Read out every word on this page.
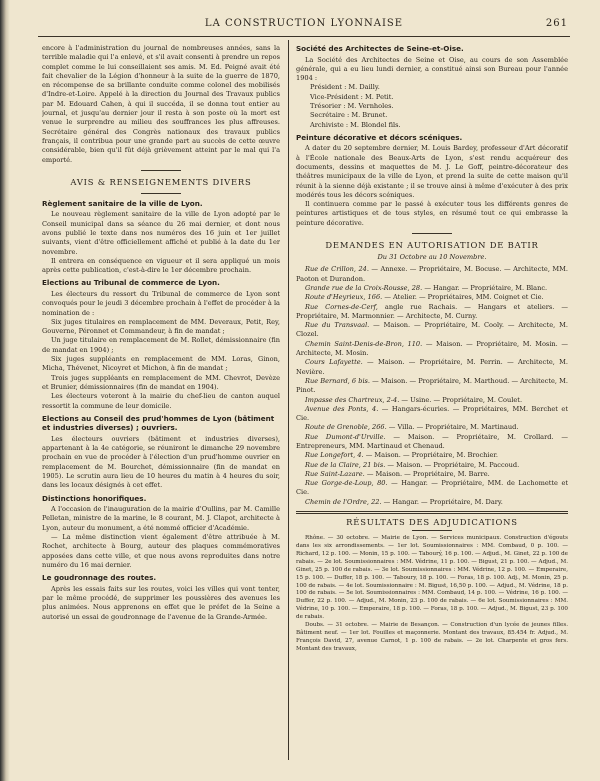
LA CONSTRUCTION LYONNAISE	261

encore à l'administration du journal de nombreuses années, sans la terrible maladie qui l'a enlevé, et s'il avait consenti à prendre un repos complet comme le lui conseillaient ses amis. M. Ed. Peigné avait été fait chevalier de la Légion d'honneur à la suite de la guerre de 1870, en récompense de sa brillante conduite comme colonel des mobilisés d'Indre-et-Loire. Appelé à la direction du Journal des Travaux publics par M. Edouard Cahen, à qui il succéda, il se donna tout entier au journal, et jusqu'au dernier jour il resta à son poste où la mort est venue le surprendre au milieu des souffrances les plus affreuses. Secrétaire général des Congrès nationaux des travaux publics français, il contribua pour une grande part au succès de cette œuvre considérable, bien qu'il fût déjà grièvement atteint par le mal qui l'a emporté.

AVIS & RENSEIGNEMENTS DIVERS
Règlement sanitaire de la ville de Lyon.

Le nouveau règlement sanitaire de la ville de Lyon adopté par le Conseil municipal dans sa séance du 26 mai dernier, et dont nous avons publié le texte dans nos numéros des 16 juin et 1er juillet suivants, vient d'être officiellement affiché et publié à la date du 1er novembre.

Il entrera en conséquence en vigueur et il sera appliqué un mois après cette publication, c'est-à-dire le 1er décembre prochain.

Elections au Tribunal de commerce de Lyon.

Les électeurs du ressort du Tribunal de commerce de Lyon sont convoqués pour le jeudi 3 décembre prochain à l'effet de procéder à la nomination de :

Six juges titulaires en remplacement de MM. Deveraux, Petit, Rey, Gouverne, Péronnet et Commandeur, à fin de mandat ;

Un juge titulaire en remplacement de M. Rollet, démissionnaire (fin de mandat en 1904) ;

Six juges suppléants en remplacement de MM. Loras, Ginon, Micha, Thévenet, Nicoyret et Michon, à fin de mandat ;

Trois juges suppléants en remplacement de MM. Chevrot, Devèze et Brunier, démissionnaires (fin de mandat en 1904).

Les électeurs voteront à la mairie du chef-lieu de canton auquel ressortit la commune de leur domicile.

Elections au Conseil des prud'hommes de Lyon (bâtiment et industries diverses) ; ouvriers.

Les électeurs ouvriers (bâtiment et industries diverses), appartenant à la 4e catégorie, se réuniront le dimanche 29 novembre prochain en vue de procéder à l'élection d'un prud'homme ouvrier en remplacement de M. Bourchet, démissionnaire (fin de mandat en 1905). Le scrutin aura lieu de 10 heures du matin à 4 heures du soir, dans les locaux désignés à cet effet.

Distinctions honorifiques.

A l'occasion de l'inauguration de la mairie d'Oullins, par M. Camille Pelletan, ministre de la marine, le 8 courant, M. J. Clapot, architecte à Lyon, auteur du monument, a été nommé officier d'Académie.

— La même distinction vient également d'être attribuée à M. Rochet, architecte à Bourg, auteur des plaques commémoratives apposées dans cette ville, et que nous avons reproduites dans notre numéro du 16 mai dernier.

Le goudronnage des routes.

Après les essais faits sur les routes, voici les villes qui vont tenter, par le même procédé, de supprimer les poussières des avenues les plus animées. Nous apprenons en effet que le préfet de la Seine a autorisé un essai de goudronnage de l'avenue de la Grande-Armée.

Société des Architectes de Seine-et-Oise.

La Société des Architectes de Seine et Oise, au cours de son Assemblée générale, qui a eu lieu lundi dernier, a constitué ainsi son Bureau pour l'année 1904 :

Président : M. Dailly.

Vice-Président : M. Petit.

Trésorier : M. Vernholes.

Secrétaire : M. Brunet.

Archiviste : M. Blondel fils.

Peinture décorative et décors scéniques.

A dater du 20 septembre dernier, M. Louis Bardey, professeur d'Art décoratif à l'École nationale des Beaux-Arts de Lyon, s'est rendu acquéreur des documents, dessins et maquettes de M. J. Le Goff, peintre-décorateur des théâtres municipaux de la ville de Lyon, et prend la suite de cette maison qu'il réunit à la sienne déjà existante ; il se trouve ainsi à même d'exécuter à des prix modérés tous les décors scéniques.

Il continuera comme par le passé à exécuter tous les différents genres de peintures artistiques et de tous styles, en résumé tout ce qui embrasse la peinture décorative.

DEMANDES EN AUTORISATION DE BATIR
Du 31 Octobre au 10 Novembre.

Rue de Crillon, 24. — Annexe. — Propriétaire, M. Bocuse. — Architecte, MM. Paoton et Durandon.

Grande rue de la Croix-Rousse, 28. — Hangar. — Propriétaire, M. Blanc.

Route d'Heyrieux, 166. — Atelier. — Propriétaires, MM. Coignet et Cie.

Rue Cornes-de-Cerf, angle rue Rachais. — Hangars et ateliers. — Propriétaire, M. Marmonnier. — Architecte, M. Curny.

Rue du Transvaal. — Maison. — Propriétaire, M. Cooly. — Architecte, M. Clozel.

Chemin Saint-Denis-de-Bron, 110. — Maison. — Propriétaire, M. Mosin. — Architecte, M. Mosin.

Cours Lafayette. — Maison. — Propriétaire, M. Perrin. — Architecte, M. Nevière.

Rue Bernard, 6 bis. — Maison. — Propriétaire, M. Marthoud. — Architecte, M. Pinot.

Impasse des Chartreux, 2-4. — Usine. — Propriétaire, M. Coulet.

Avenue des Ponts, 4. — Hangars-écuries. — Propriétaires, MM. Berchet et Cie.

Route de Grenoble, 266. — Villa. — Propriétaire, M. Martinaud.

Rue Dumont-d'Urville. — Maison. — Propriétaire, M. Crollard. — Entrepreneurs, MM. Martinaud et Chenaud.

Rue Longefort, 4. — Maison. — Propriétaire, M. Brochier.

Rue de la Claire, 21 bis. — Maison. — Propriétaire, M. Paccoud.

Rue Saint-Lazare. — Maison. — Propriétaire, M. Barre.

Rue Gorge-de-Loup, 80. — Hangar. — Propriétaire, MM. de Lachomette et Cie.

Chemin de l'Ordre, 22. — Hangar. — Propriétaire, M. Dary.

RÉSULTATS DES ADJUDICATIONS

Rhône. — 30 octobre. — Mairie de Lyon. — Services municipaux. Construction d'égouts dans les six arrondissements. — 1er lot. Soumissionnaires : MM. Combaud, 0 p. 100. — Richard, 12 p. 100. — Monin, 15 p. 100. — Tabourý, 16 p. 100. — Adjud., M. Ginet, 22 p. 100 de rabais. — 2e lot. Soumissionnaires : MM. Védrine, 11 p. 100. — Bigust, 21 p. 100. — Adjud., M. Ginet, 25 p. 100 de rabais. — 3e lot. Soumissionnaires : MM. Védrine, 12 p. 100. — Emperaire, 15 p. 100. — Duffer, 18 p. 100. — Taboury, 18 p. 100. — Foras, 18 p. 100. Adj., M. Monin, 25 p. 100 de rabais. — 4e lot. Soumissionnaire : M. Bigust, 16,50 p. 100. — Adjud., M. Védrine, 18 p. 100 de rabais. — 5e lot. Soumissionnaires : MM. Combaud, 14 p. 100. — Védrine, 16 p. 100. — Duffer, 22 p. 100. — Adjud., M. Monin, 23 p. 100 de rabais. — 6e lot. Soumissionnaires : MM. Védrine, 10 p. 100. — Emperaire, 18 p. 100. — Foras, 18 p. 100. — Adjud., M. Bigust, 23 p. 100 de rabais.

Doubs. — 31 octobre. — Mairie de Besançon. — Construction d'un lycée de jeunes filles. Bâtiment neuf. — 1er lot. Fouilles et maçonnerie. Montant des travaux, 85.454 fr. Adjud., M. François David, 27, avenue Carnot, 1 p. 100 de rabais. — 2e lot. Charpente et gros fers. Montant des travaux,
